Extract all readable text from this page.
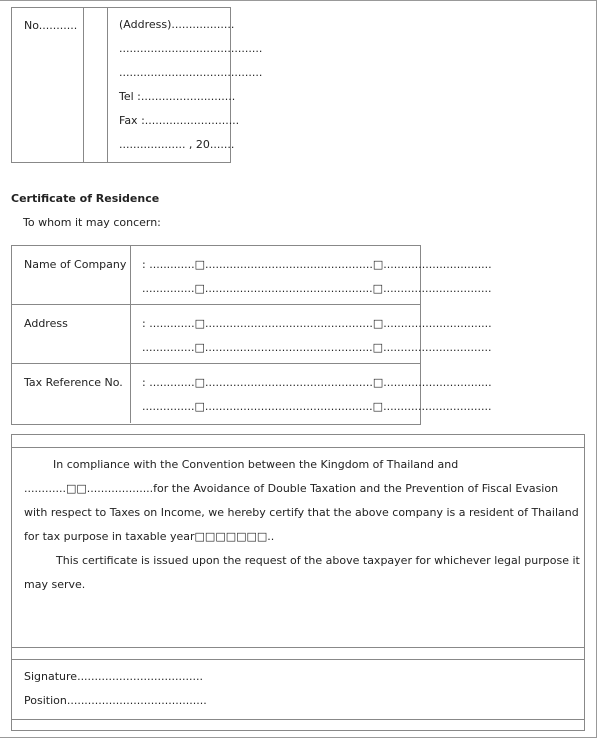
No...........	(Address)..................
.........................................
.........................................
Tel :...........................
Fax :...........................
................... , 20.......
Certificate of Residence
To whom it may concern:
Name of Company : .............□................................................□...............................
...............□................................................□...............................
Address	: .............□................................................□...............................
...............□................................................□...............................
Tax Reference No. : .............□................................................□...............................
...............□................................................□...............................
In compliance with the Convention between the Kingdom of Thailand and ............□□...................for the Avoidance of Double Taxation and the Prevention of Fiscal Evasion with respect to Taxes on Income, we hereby certify that the above company is a resident of Thailand for tax purpose in taxable year□□□□□□□..
This certificate is issued upon the request of the above taxpayer for whichever legal purpose it may serve.
Signature....................................
Position........................................
